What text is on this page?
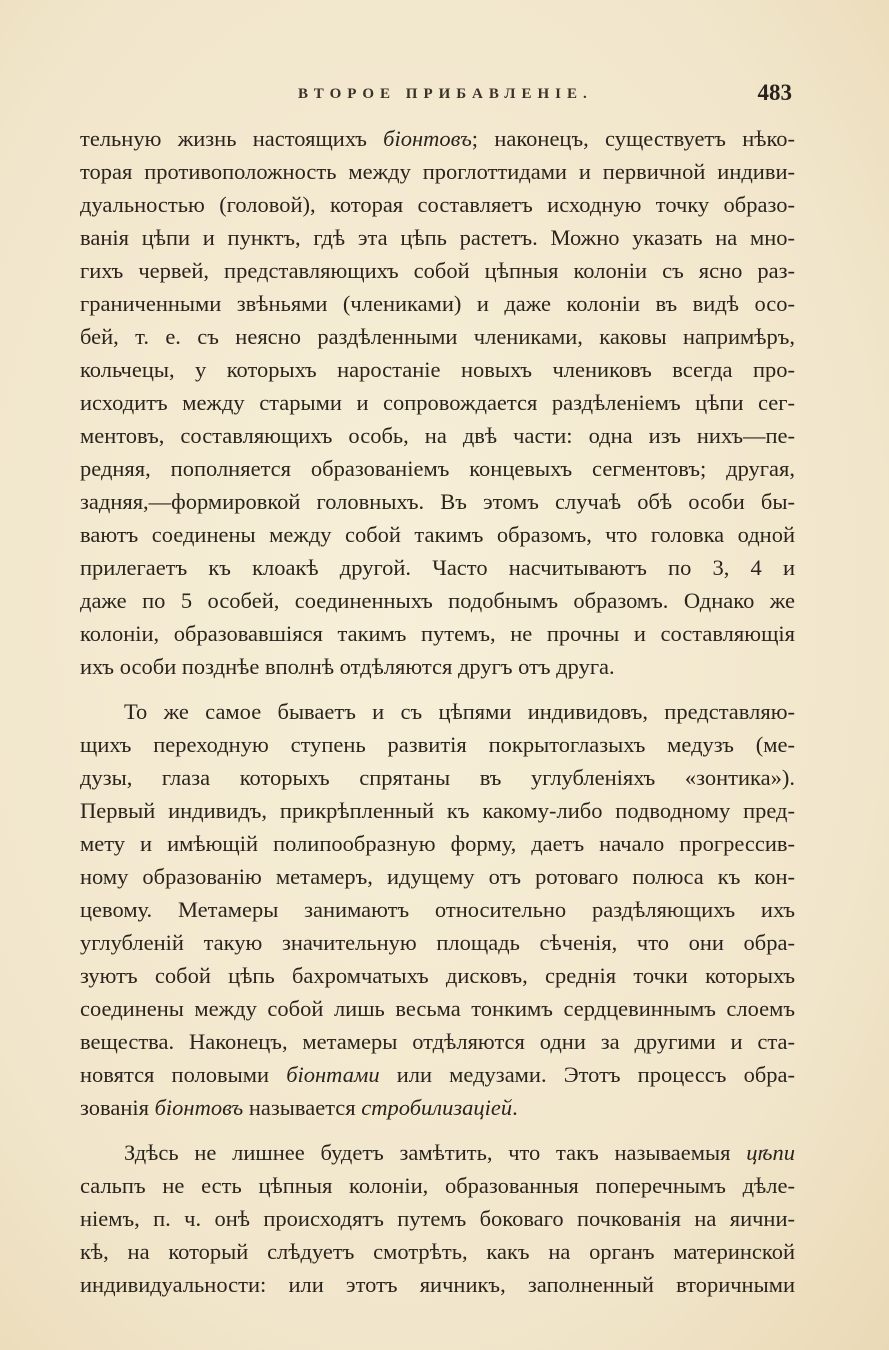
ВТОРОЕ ПРИБАВЛЕНІЕ.	483
тельную жизнь настоящихъ біонтовъ; наконецъ, существуетъ нѣко-
торая противоположность между проглоттидами и первичной индиви-
дуальностью (головой), которая составляетъ исходную точку образо-
ванія цѣпи и пунктъ, гдѣ эта цѣпь растетъ. Можно указать на мно-
гихъ червей, представляющихъ собой цѣпныя колоніи съ ясно раз-
граниченными звѣньями (члениками) и даже колоніи въ видѣ осо-
бей, т. е. съ неясно раздѣленными члениками, каковы напримѣръ,
кольчецы, у которыхъ наростаніе новыхъ члениковъ всегда про-
исходитъ между старыми и сопровождается раздѣленіемъ цѣпи сег-
ментовъ, составляющихъ особь, на двѣ части: одна изъ нихъ—пе-
редняя, пополняется образованіемъ концевыхъ сегментовъ; другая,
задняя,—формировкой головныхъ. Въ этомъ случаѣ обѣ особи бы-
ваютъ соединены между собой такимъ образомъ, что головка одной
прилегаетъ къ клоакѣ другой. Часто насчитываютъ по 3, 4 и
даже по 5 особей, соединенныхъ подобнымъ образомъ. Однако же
колоніи, образовавшіяся такимъ путемъ, не прочны и составляющія
ихъ особи позднѣе вполнѣ отдѣляются другъ отъ друга.
То же самое бываетъ и съ цѣпями индивидовъ, представляю-
щихъ переходную ступень развитія покрытоглазыхъ медузъ (ме-
дузы, глаза которыхъ спрятаны въ углубленіяхъ «зонтика»).
Первый индивидъ, прикрѣпленный къ какому-либо подводному пред-
мету и имѣющій полипообразную форму, даетъ начало прогрессив-
ному образованію метамеръ, идущему отъ ротоваго полюса къ кон-
цевому. Метамеры занимаютъ относительно раздѣляющихъ ихъ
углубленій такую значительную площадь сѣченія, что они обра-
зуютъ собой цѣпь бахромчатыхъ дисковъ, среднія точки которыхъ
соединены между собой лишь весьма тонкимъ сердцевиннымъ слоемъ
вещества. Наконецъ, метамеры отдѣляются одни за другими и ста-
новятся половыми біонтами или медузами. Этотъ процессъ обра-
зованія біонтовъ называется стробилизаціей.
Здѣсь не лишнее будетъ замѣтить, что такъ называемыя цѣпи
сальпъ не есть цѣпныя колоніи, образованныя поперечнымъ дѣле-
ніемъ, п. ч. онѣ происходятъ путемъ боковаго почкованія на яични-
кѣ, на который слѣдуетъ смотрѣть, какъ на органъ материнской
индивидуальности: или этотъ яичникъ, заполненный вторичными
